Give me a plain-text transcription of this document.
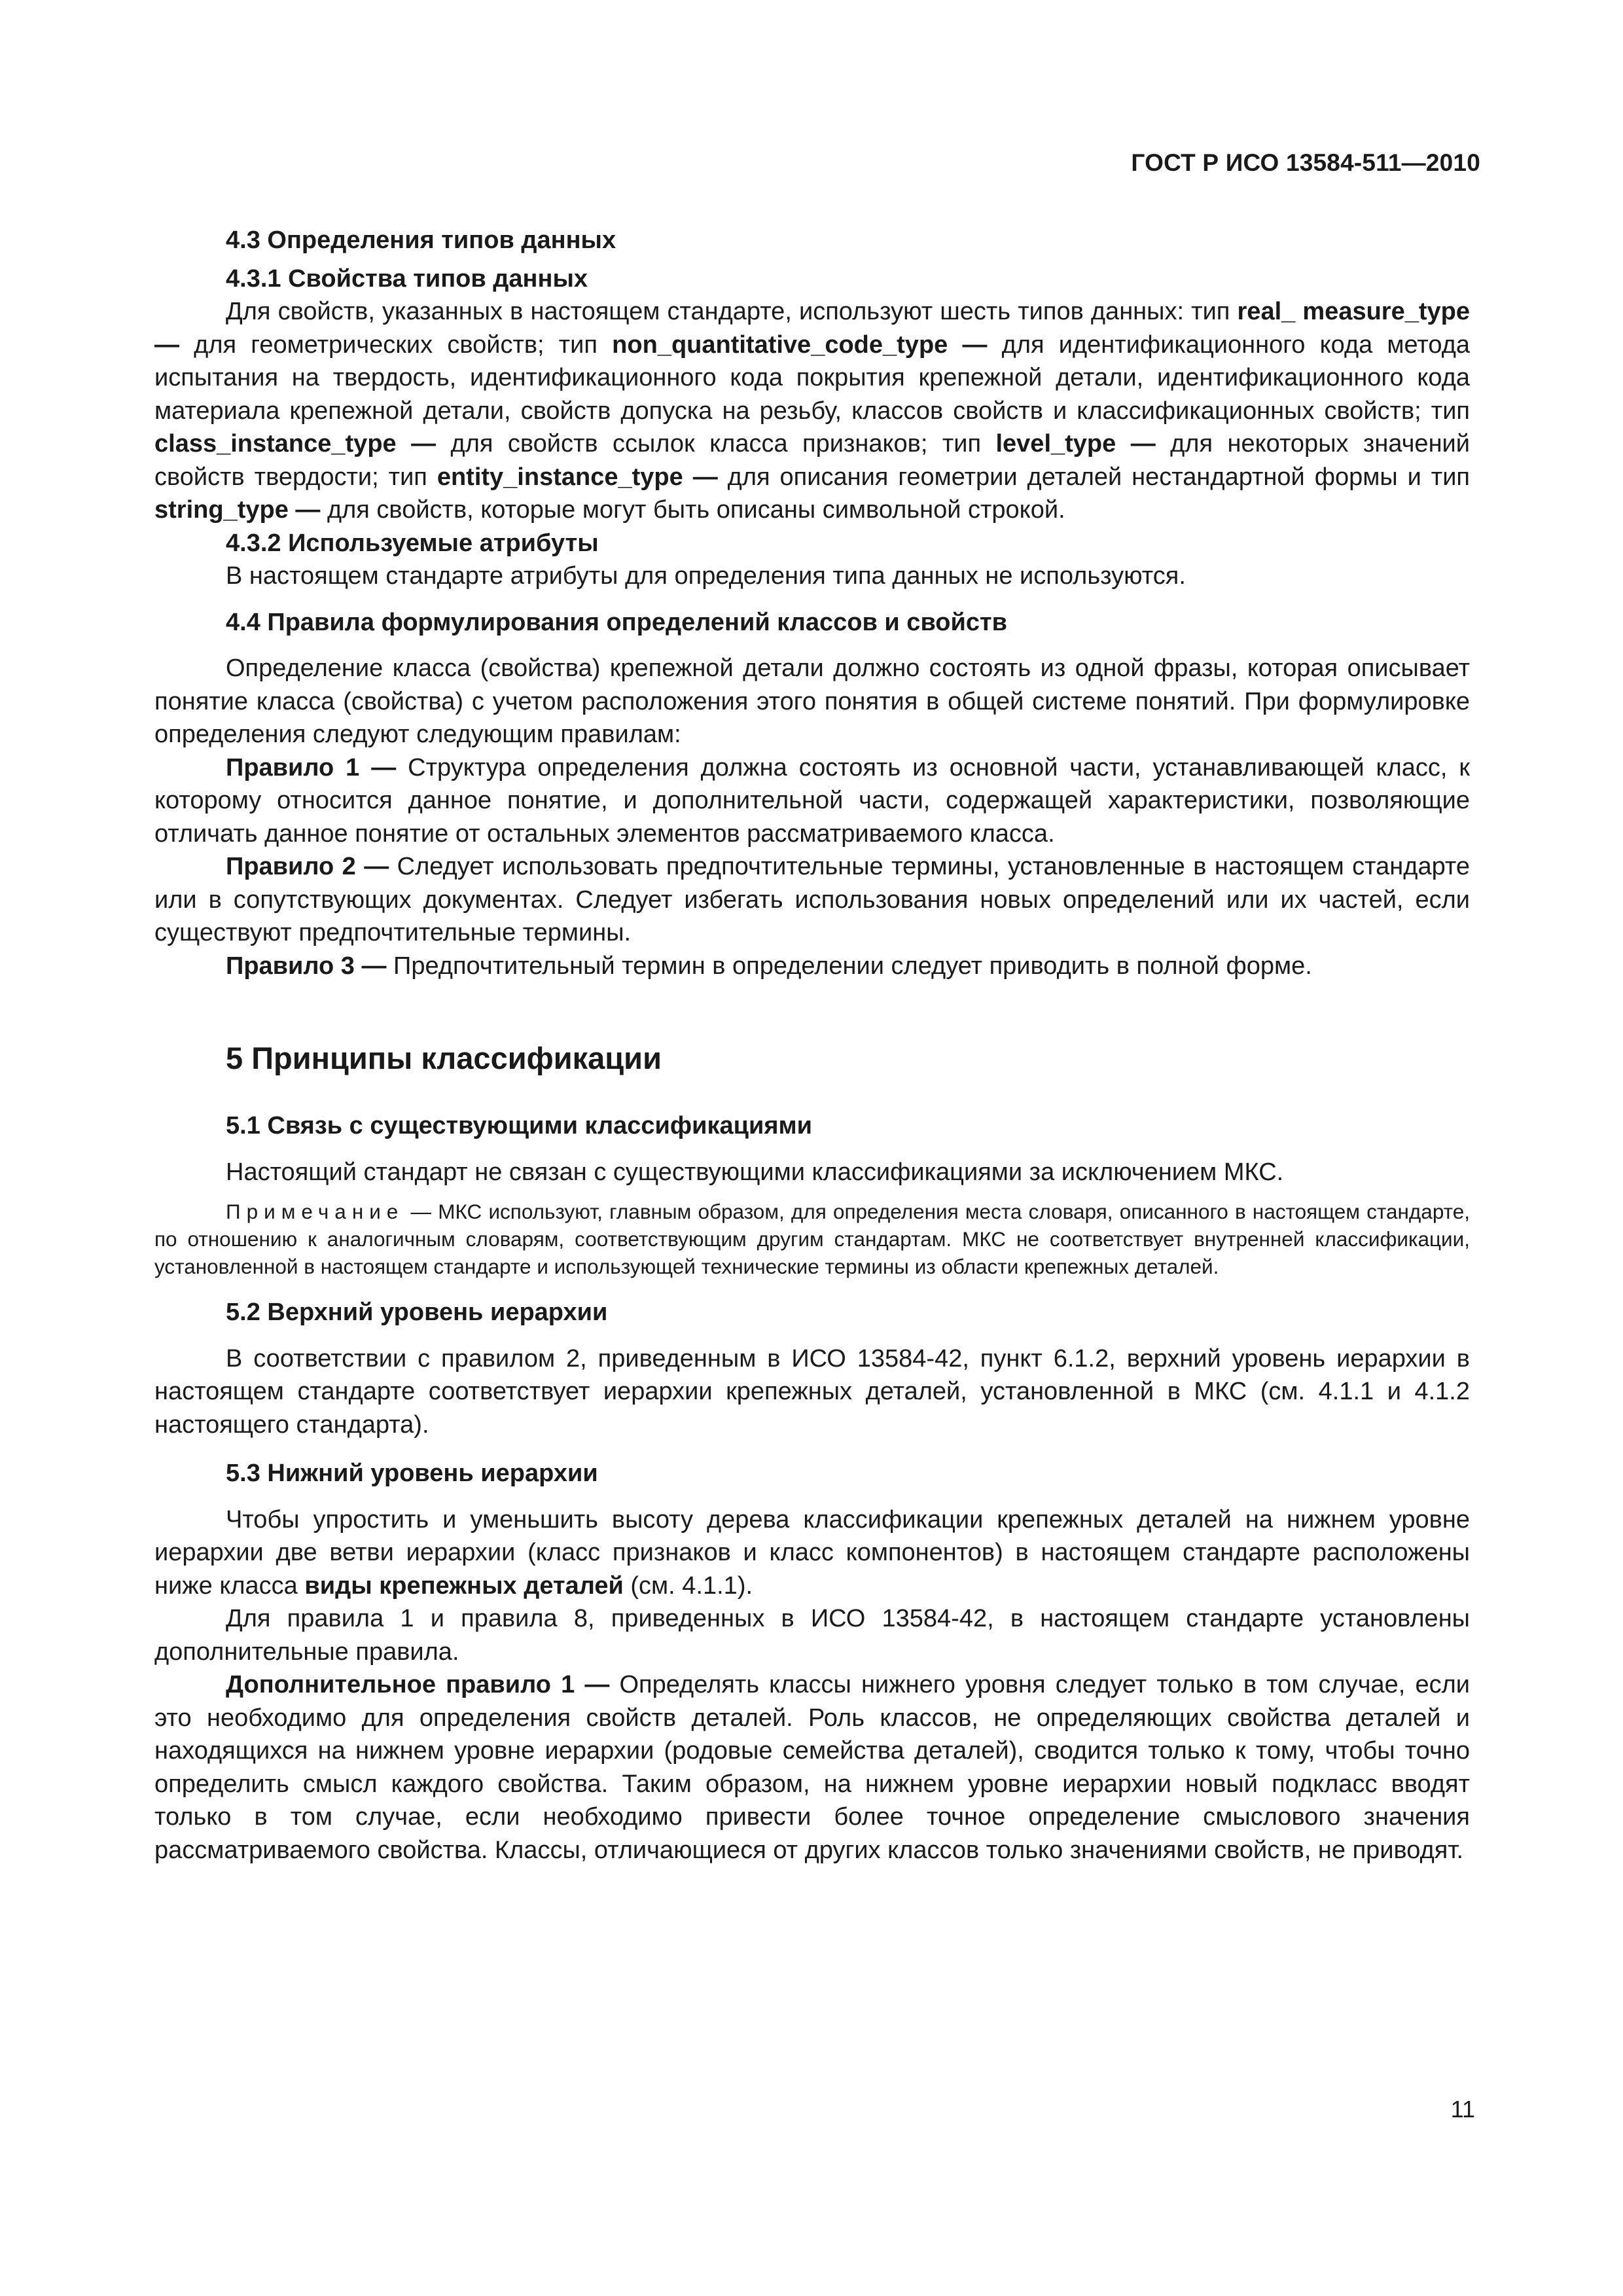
ГОСТ Р ИСО 13584-511—2010
4.3 Определения типов данных
4.3.1 Свойства типов данных

Для свойств, указанных в настоящем стандарте, используют шесть типов данных: тип real_ measure_type — для геометрических свойств; тип non_quantitative_code_type — для идентификационного кода метода испытания на твердость, идентификационного кода покрытия крепежной детали, идентификационного кода материала крепежной детали, свойств допуска на резьбу, классов свойств и классификационных свойств; тип class_instance_type — для свойств ссылок класса признаков; тип level_type — для некоторых значений свойств твердости; тип entity_instance_type — для описания геометрии деталей нестандартной формы и тип string_type — для свойств, которые могут быть описаны символьной строкой.

4.3.2 Используемые атрибуты

В настоящем стандарте атрибуты для определения типа данных не используются.

4.4 Правила формулирования определений классов и свойств

Определение класса (свойства) крепежной детали должно состоять из одной фразы, которая описывает понятие класса (свойства) с учетом расположения этого понятия в общей системе понятий. При формулировке определения следуют следующим правилам:

Правило 1 — Структура определения должна состоять из основной части, устанавливающей класс, к которому относится данное понятие, и дополнительной части, содержащей характеристики, позволяющие отличать данное понятие от остальных элементов рассматриваемого класса.

Правило 2 — Следует использовать предпочтительные термины, установленные в настоящем стандарте или в сопутствующих документах. Следует избегать использования новых определений или их частей, если существуют предпочтительные термины.

Правило 3 — Предпочтительный термин в определении следует приводить в полной форме.

5 Принципы классификации
5.1 Связь с существующими классификациями

Настоящий стандарт не связан с существующими классификациями за исключением МКС.

Примечание — МКС используют, главным образом, для определения места словаря, описанного в настоящем стандарте, по отношению к аналогичным словарям, соответствующим другим стандартам. МКС не соответствует внутренней классификации, установленной в настоящем стандарте и использующей технические термины из области крепежных деталей.

5.2 Верхний уровень иерархии

В соответствии с правилом 2, приведенным в ИСО 13584-42, пункт 6.1.2, верхний уровень иерархии в настоящем стандарте соответствует иерархии крепежных деталей, установленной в МКС (см. 4.1.1 и 4.1.2 настоящего стандарта).

5.3 Нижний уровень иерархии

Чтобы упростить и уменьшить высоту дерева классификации крепежных деталей на нижнем уровне иерархии две ветви иерархии (класс признаков и класс компонентов) в настоящем стандарте расположены ниже класса виды крепежных деталей (см. 4.1.1).

Для правила 1 и правила 8, приведенных в ИСО 13584-42, в настоящем стандарте установлены дополнительные правила.

Дополнительное правило 1 — Определять классы нижнего уровня следует только в том случае, если это необходимо для определения свойств деталей. Роль классов, не определяющих свойства деталей и находящихся на нижнем уровне иерархии (родовые семейства деталей), сводится только к тому, чтобы точно определить смысл каждого свойства. Таким образом, на нижнем уровне иерархии новый подкласс вводят только в том случае, если необходимо привести более точное определение смыслового значения рассматриваемого свойства. Классы, отличающиеся от других классов только значениями свойств, не приводят.

11
